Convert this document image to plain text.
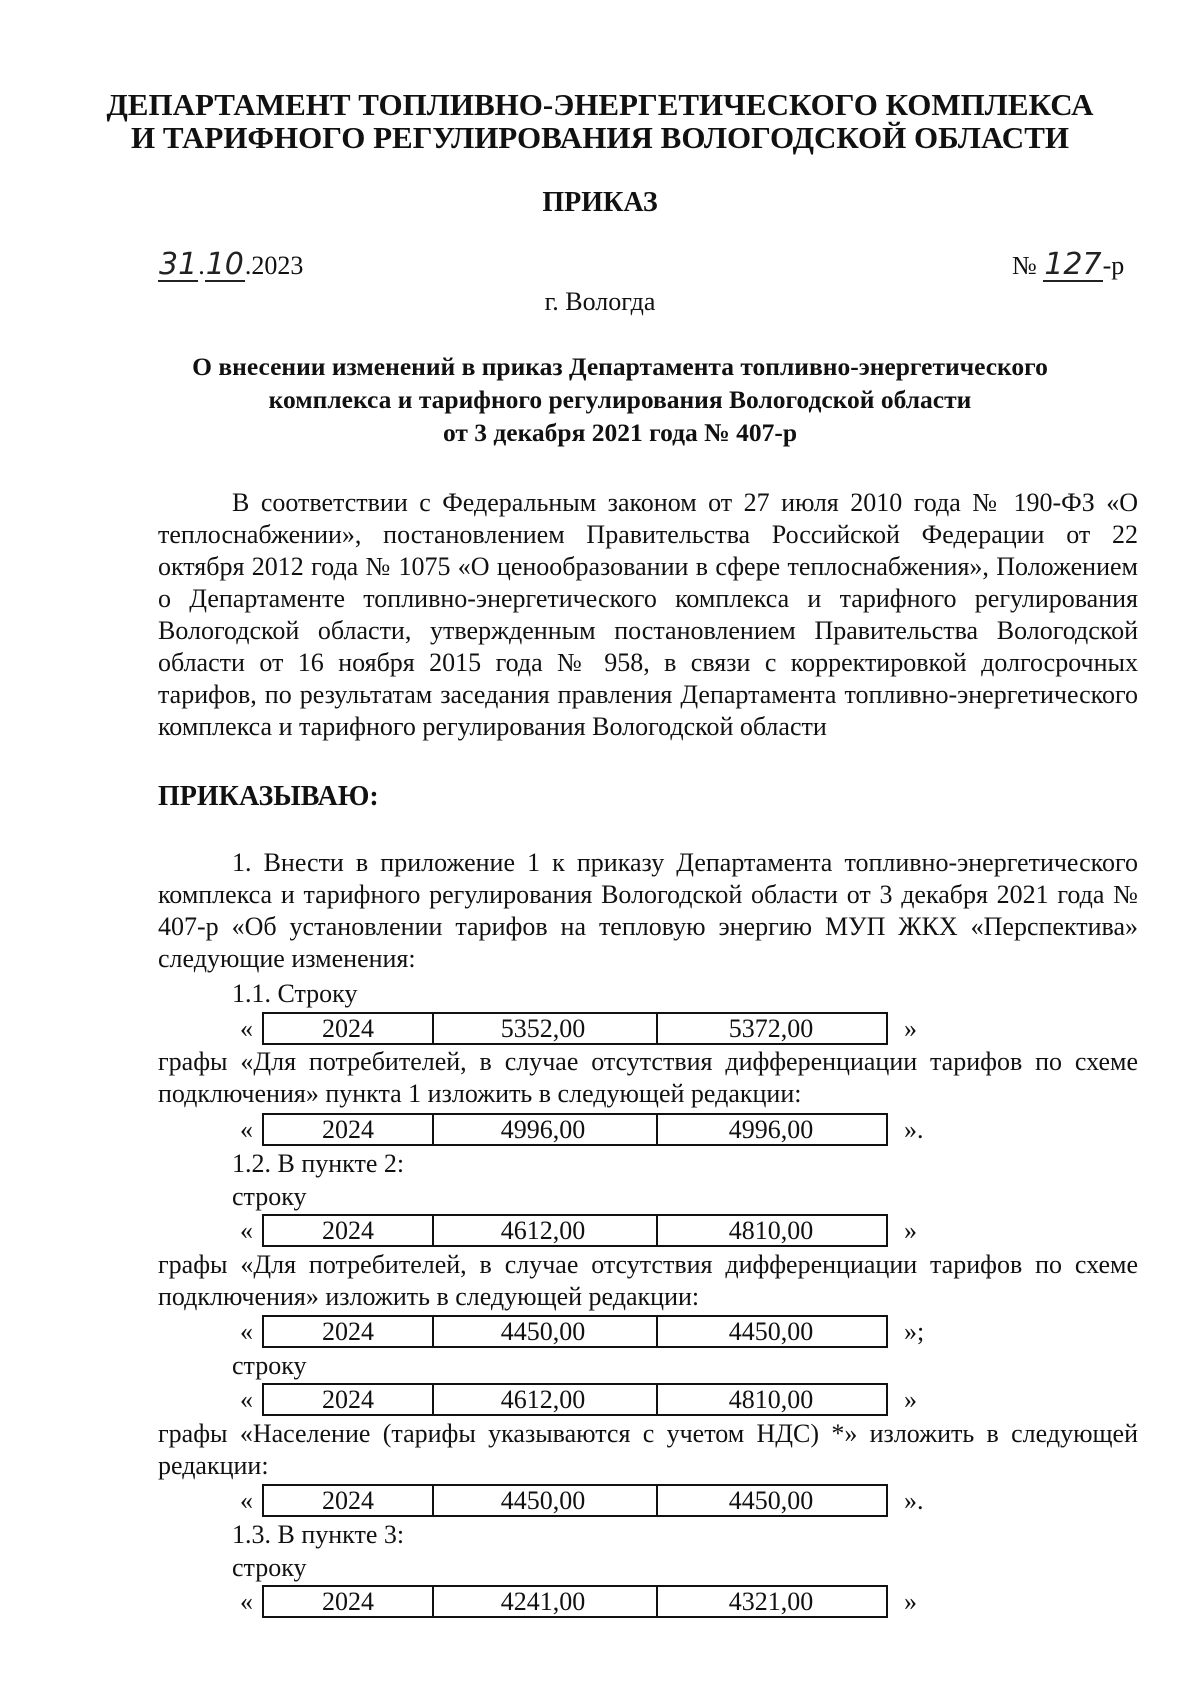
ДЕПАРТАМЕНТ ТОПЛИВНО-ЭНЕРГЕТИЧЕСКОГО КОМПЛЕКСА
И ТАРИФНОГО РЕГУЛИРОВАНИЯ ВОЛОГОДСКОЙ ОБЛАСТИ
ПРИКАЗ
31.10.2023	№ 127-р
г. Вологда
О внесении изменений в приказ Департамента топливно-энергетического
комплекса и тарифного регулирования Вологодской области
от 3 декабря 2021 года № 407-р
В соответствии с Федеральным законом от 27 июля 2010 года № 190-ФЗ «О теплоснабжении», постановлением Правительства Российской Федерации от 22 октября 2012 года № 1075 «О ценообразовании в сфере теплоснабжения», Положением о Департаменте топливно-энергетического комплекса и тарифного регулирования Вологодской области, утвержденным постановлением Правительства Вологодской области от 16 ноября 2015 года № 958, в связи с корректировкой долгосрочных тарифов, по результатам заседания правления Департамента топливно-энергетического комплекса и тарифного регулирования Вологодской области
ПРИКАЗЫВАЮ:
1. Внести в приложение 1 к приказу Департамента топливно-энергетического комплекса и тарифного регулирования Вологодской области от 3 декабря 2021 года № 407-р «Об установлении тарифов на тепловую энергию МУП ЖКХ «Перспектива» следующие изменения:
1.1. Строку
«	2024	5352,00	5372,00	»
графы «Для потребителей, в случае отсутствия дифференциации тарифов по схеме подключения» пункта 1 изложить в следующей редакции:
«	2024	4996,00	4996,00	».
1.2. В пункте 2:
строку
«	2024	4612,00	4810,00	»
графы «Для потребителей, в случае отсутствия дифференциации тарифов по схеме подключения» изложить в следующей редакции:
«	2024	4450,00	4450,00	»;
строку
«	2024	4612,00	4810,00	»
графы «Население (тарифы указываются с учетом НДС) *» изложить в следующей редакции:
«	2024	4450,00	4450,00	».
1.3. В пункте 3:
строку
«	2024	4241,00	4321,00	»
